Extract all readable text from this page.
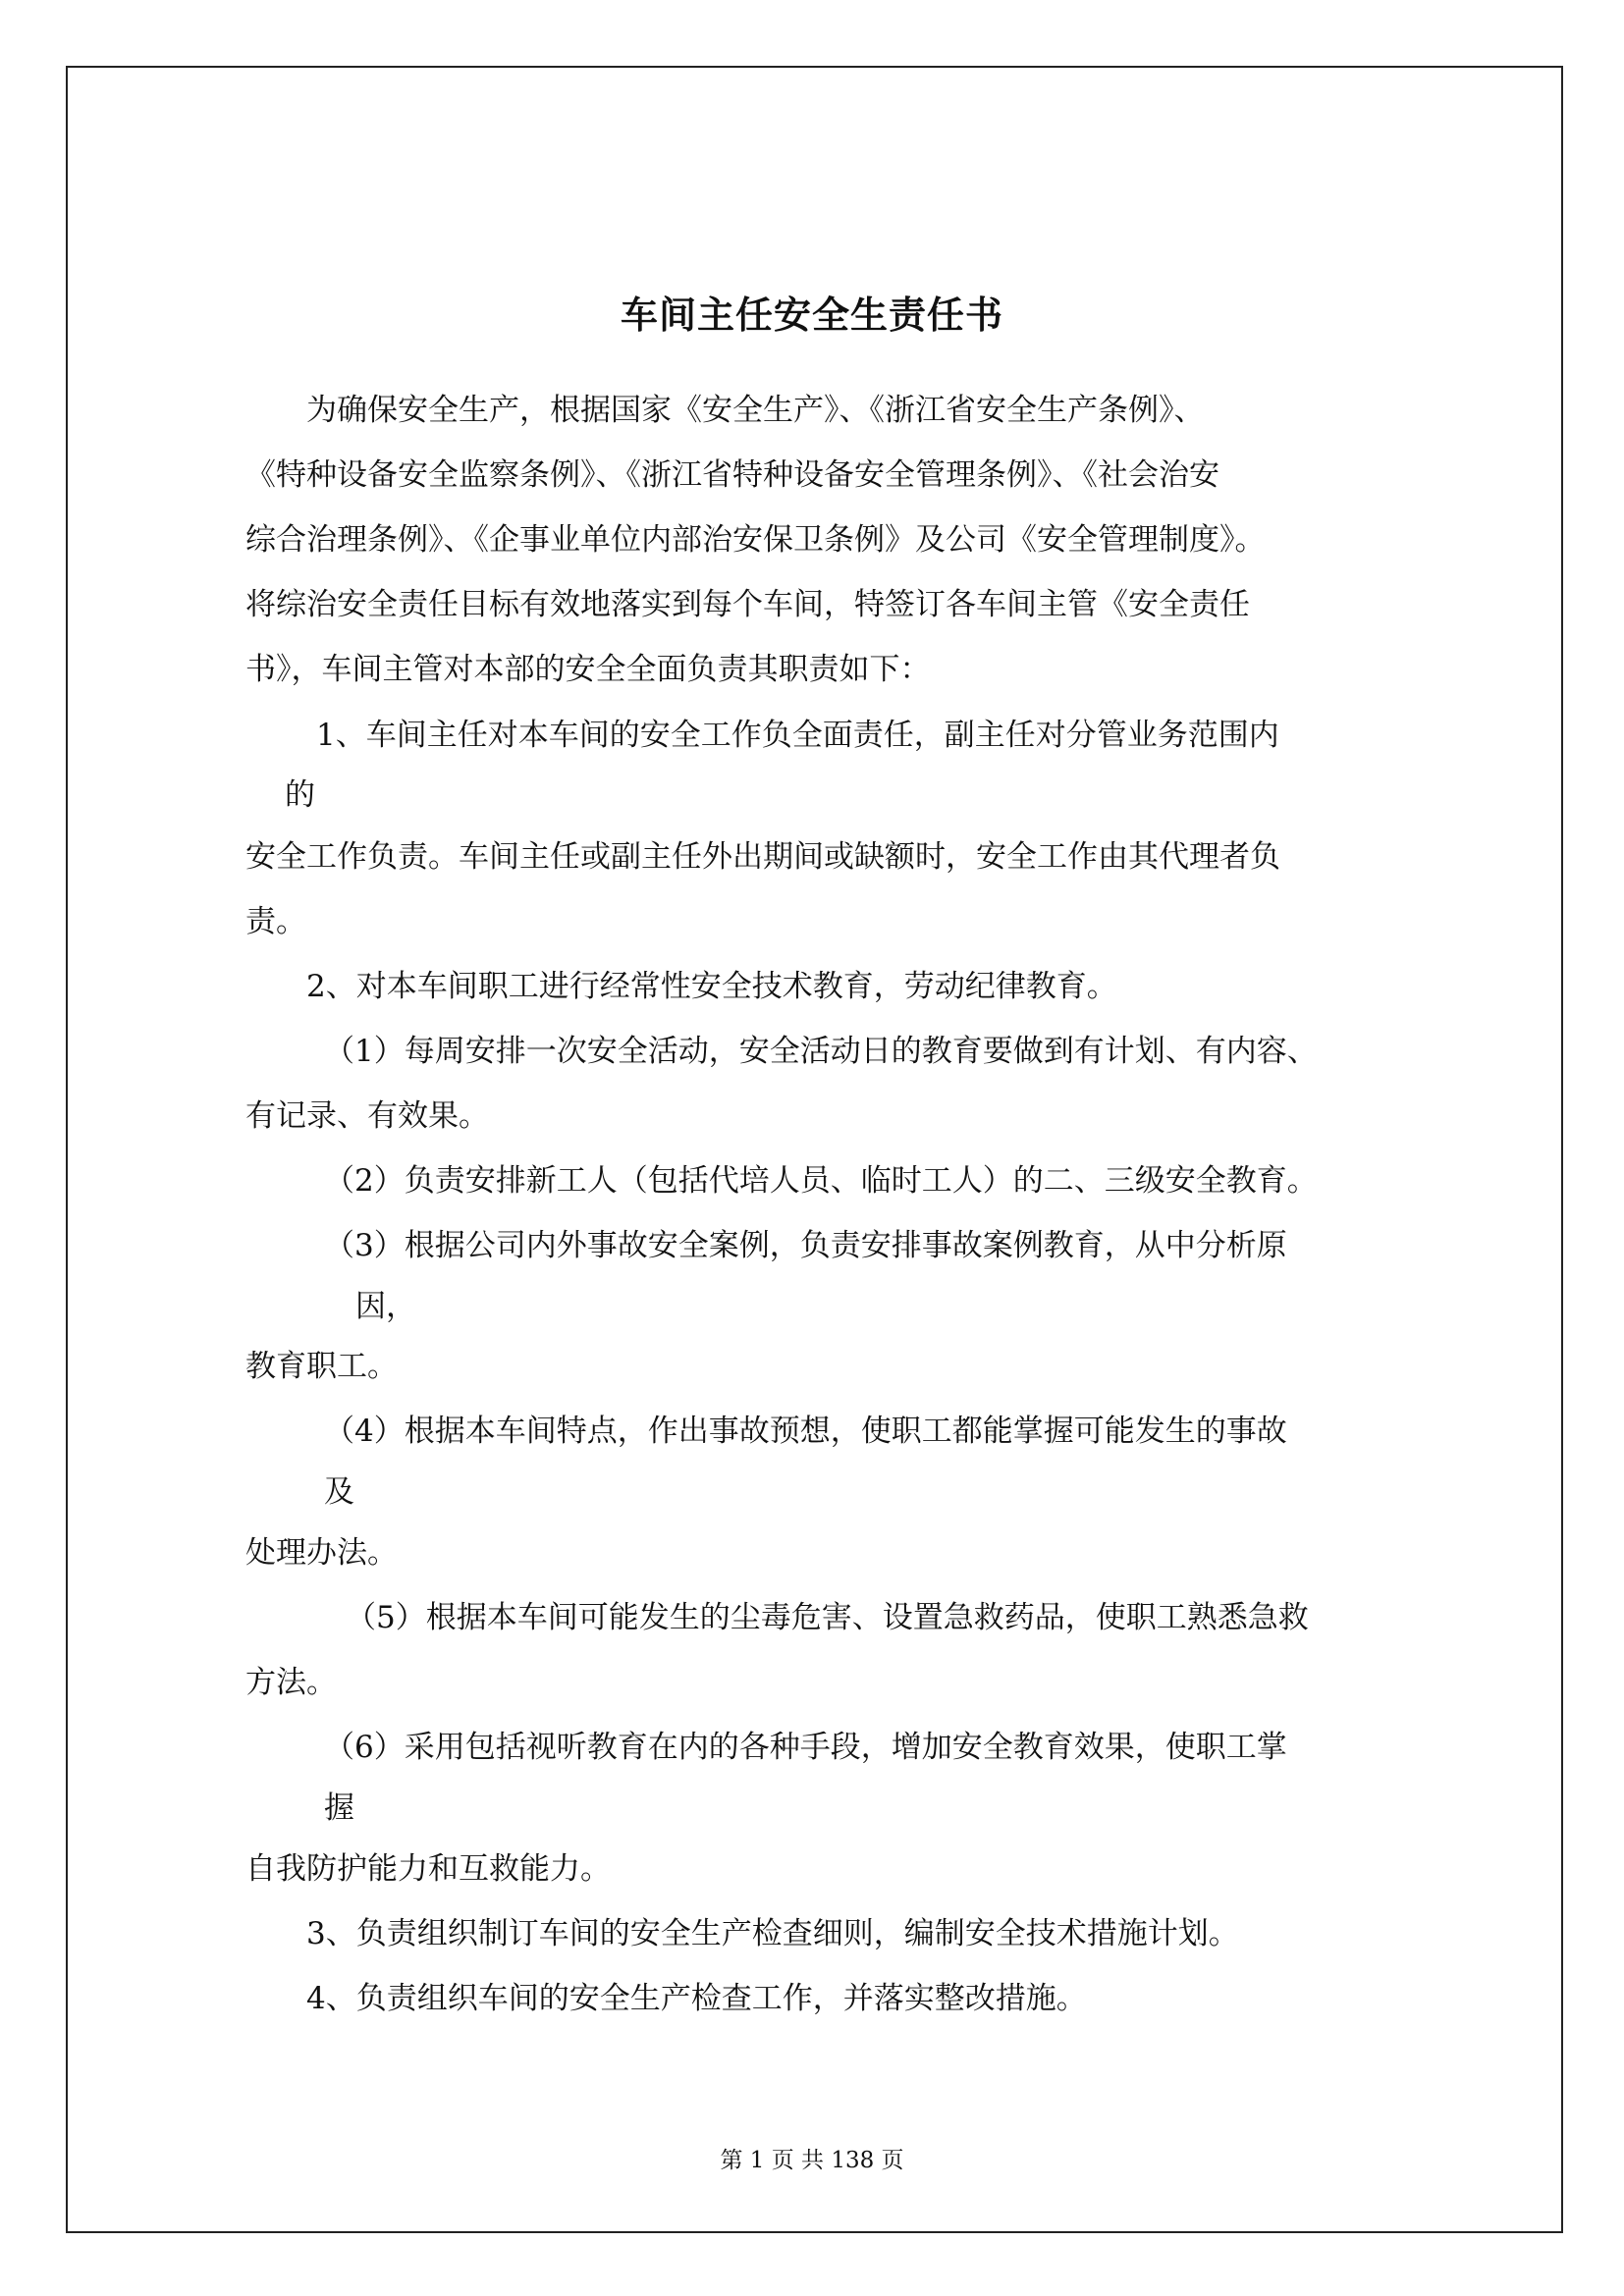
车间主任安全生责任书
为确保安全生产，根据国家《安全生产》、《浙江省安全生产条例》、
《特种设备安全监察条例》、《浙江省特种设备安全管理条例》、《社会治安
综合治理条例》、《企事业单位内部治安保卫条例》及公司《安全管理制度》。
将综治安全责任目标有效地落实到每个车间，特签订各车间主管《安全责任
书》，车间主管对本部的安全全面负责其职责如下：
1、车间主任对本车间的安全工作负全面责任，副主任对分管业务范围内
的
安全工作负责。车间主任或副主任外出期间或缺额时，安全工作由其代理者负
责。
2、对本车间职工进行经常性安全技术教育，劳动纪律教育。
（1）每周安排一次安全活动，安全活动日的教育要做到有计划、有内容、
有记录、有效果。
（2）负责安排新工人（包括代培人员、临时工人）的二、三级安全教育。
（3）根据公司内外事故安全案例，负责安排事故案例教育，从中分析原
因，
教育职工。
（4）根据本车间特点，作出事故预想，使职工都能掌握可能发生的事故
及
处理办法。
（5）根据本车间可能发生的尘毒危害、设置急救药品，使职工熟悉急救
方法。
（6）采用包括视听教育在内的各种手段，增加安全教育效果，使职工掌
握
自我防护能力和互救能力。
3、负责组织制订车间的安全生产检查细则，编制安全技术措施计划。
4、负责组织车间的安全生产检查工作，并落实整改措施。
第 1 页 共 138 页
